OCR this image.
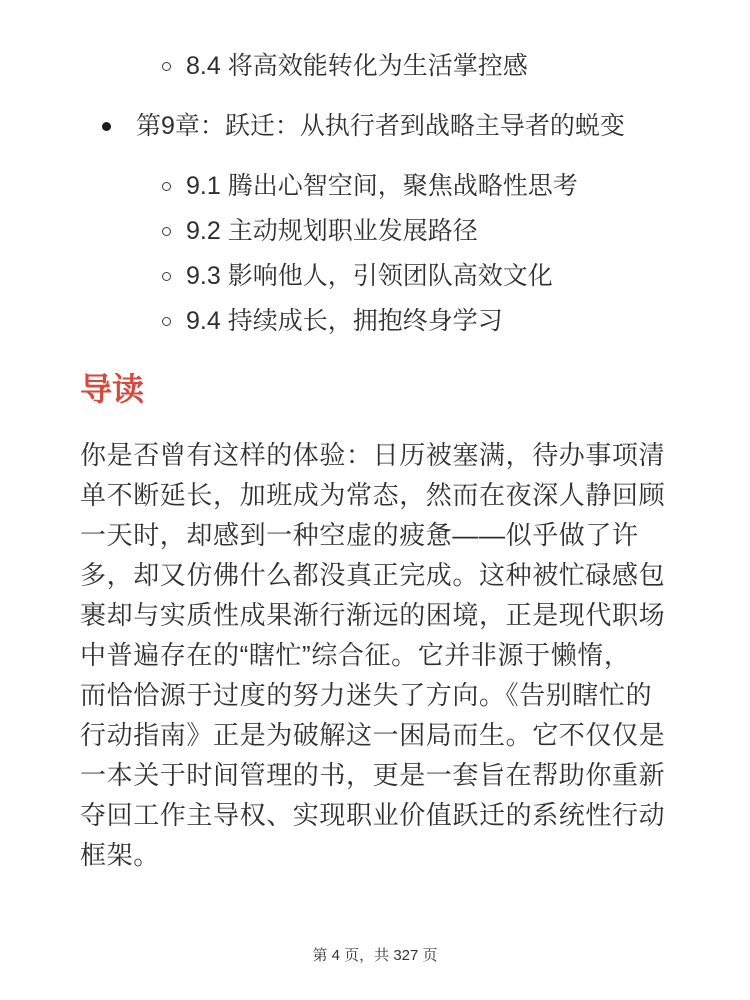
8.4 将高效能转化为生活掌控感
第9章：跃迁：从执行者到战略主导者的蜕变
9.1 腾出心智空间，聚焦战略性思考
9.2 主动规划职业发展路径
9.3 影响他人，引领团队高效文化
9.4 持续成长，拥抱终身学习
导读
你是否曾有这样的体验：日历被塞满，待办事项清
单不断延长，加班成为常态，然而在夜深人静回顾
一天时，却感到一种空虚的疲惫——似乎做了许
多，却又仿佛什么都没真正完成。这种被忙碌感包
裹却与实质性成果渐行渐远的困境，正是现代职场
中普遍存在的“瞎忙”综合征。它并非源于懒惰，
而恰恰源于过度的努力迷失了方向。《告别瞎忙的
行动指南》正是为破解这一困局而生。它不仅仅是
一本关于时间管理的书，更是一套旨在帮助你重新
夺回工作主导权、实现职业价值跃迁的系统性行动
框架。
第 4 页，共 327 页
